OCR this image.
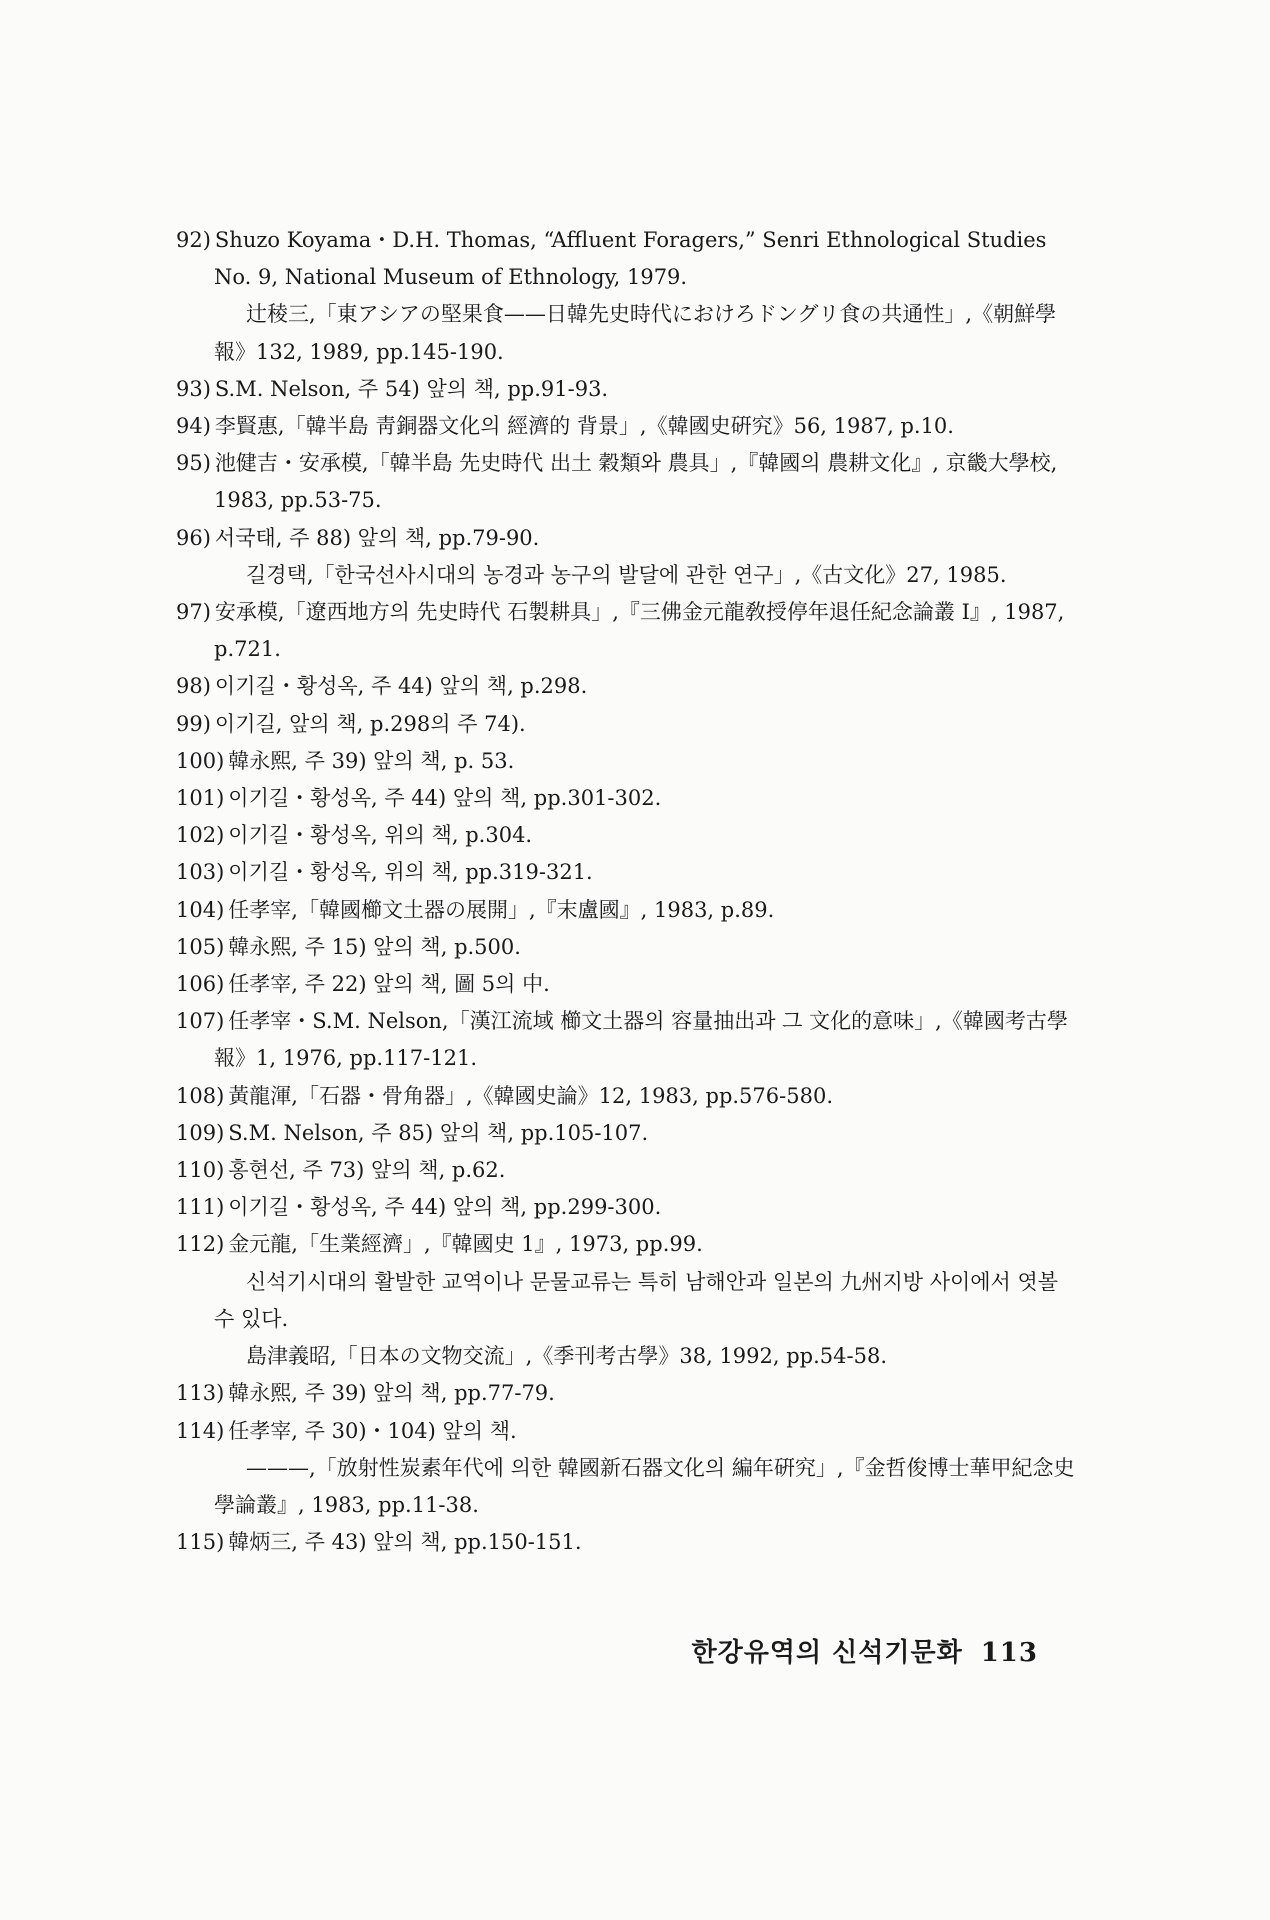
92) Shuzo Koyama・D.H. Thomas, “Affluent Foragers,” Senri Ethnological Studies No. 9, National Museum of Ethnology, 1979.
辻稜三,「東アシアの堅果食——日韓先史時代におけろドングリ食の共通性」,《朝鮮學報》132, 1989, pp.145-190.
93) S.M. Nelson, 주 54) 앞의 책, pp.91-93.
94) 李賢惠,「韓半島 靑銅器文化의 經濟的 背景」,《韓國史硏究》56, 1987, p.10.
95) 池健吉・安承模,「韓半島 先史時代 出土 穀類와 農具」,『韓國의 農耕文化』, 京畿大學校, 1983, pp.53-75.
96) 서국태, 주 88) 앞의 책, pp.79-90.
길경택,「한국선사시대의 농경과 농구의 발달에 관한 연구」,《古文化》27, 1985.
97) 安承模,「遼西地方의 先史時代 石製耕具」,『三佛金元龍敎授停年退任紀念論叢 Ⅰ』, 1987, p.721.
98) 이기길・황성옥, 주 44) 앞의 책, p.298.
99) 이기길, 앞의 책, p.298의 주 74).
100) 韓永熙, 주 39) 앞의 책, p. 53.
101) 이기길・황성옥, 주 44) 앞의 책, pp.301-302.
102) 이기길・황성옥, 위의 책, p.304.
103) 이기길・황성옥, 위의 책, pp.319-321.
104) 任孝宰,「韓國櫛文土器の展開」,『末盧國』, 1983, p.89.
105) 韓永熙, 주 15) 앞의 책, p.500.
106) 任孝宰, 주 22) 앞의 책, 圖 5의 中.
107) 任孝宰・S.M. Nelson,「漢江流域 櫛文土器의 容量抽出과 그 文化的意味」,《韓國考古學報》1, 1976, pp.117-121.
108) 黃龍渾,「石器・骨角器」,《韓國史論》12, 1983, pp.576-580.
109) S.M. Nelson, 주 85) 앞의 책, pp.105-107.
110) 홍현선, 주 73) 앞의 책, p.62.
111) 이기길・황성옥, 주 44) 앞의 책, pp.299-300.
112) 金元龍,「生業經濟」,『韓國史 1』, 1973, pp.99.
신석기시대의 활발한 교역이나 문물교류는 특히 남해안과 일본의 九州지방 사이에서 엿볼 수 있다.
島津義昭,「日本の文物交流」,《季刊考古學》38, 1992, pp.54-58.
113) 韓永熙, 주 39) 앞의 책, pp.77-79.
114) 任孝宰, 주 30)・104) 앞의 책.
———,「放射性炭素年代에 의한 韓國新石器文化의 編年硏究」,『金哲俊博士華甲紀念史學論叢』, 1983, pp.11-38.
115) 韓炳三, 주 43) 앞의 책, pp.150-151.
한강유역의 신석기문화 113
